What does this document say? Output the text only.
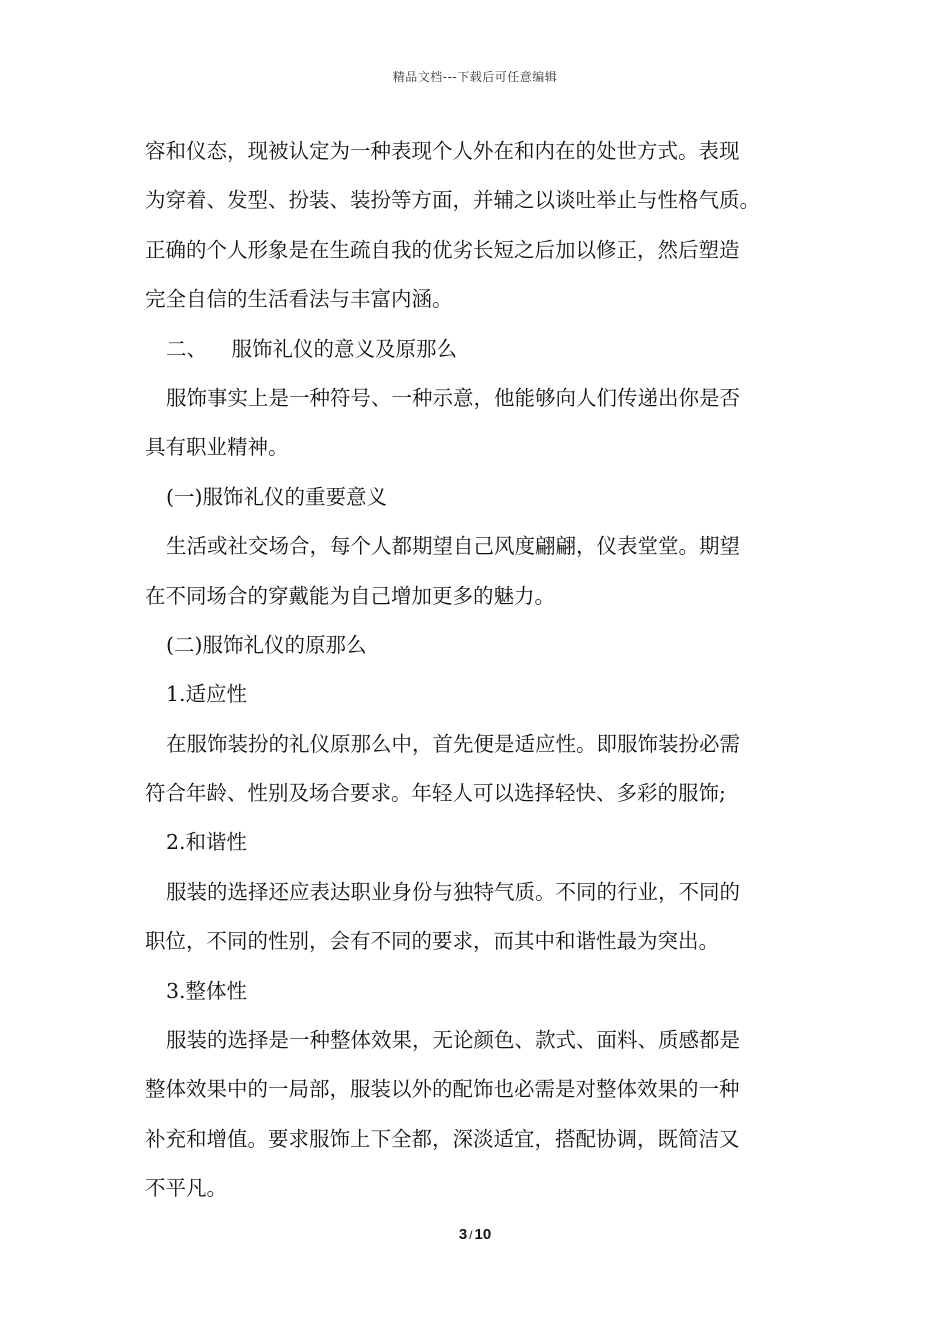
精品文档---下载后可任意编辑
容和仪态，现被认定为一种表现个人外在和内在的处世方式。表现
为穿着、发型、扮装、装扮等方面，并辅之以谈吐举止与性格气质。
正确的个人形象是在生疏自我的优劣长短之后加以修正，然后塑造
完全自信的生活看法与丰富内涵。
二、 服饰礼仪的意义及原那么
服饰事实上是一种符号、一种示意，他能够向人们传递出你是否
具有职业精神。
(一)服饰礼仪的重要意义
生活或社交场合，每个人都期望自己风度翩翩，仪表堂堂。期望
在不同场合的穿戴能为自己增加更多的魅力。
(二)服饰礼仪的原那么
1.适应性
在服饰装扮的礼仪原那么中，首先便是适应性。即服饰装扮必需
符合年龄、性别及场合要求。年轻人可以选择轻快、多彩的服饰;
2.和谐性
服装的选择还应表达职业身份与独特气质。不同的行业，不同的
职位，不同的性别，会有不同的要求，而其中和谐性最为突出。
3.整体性
服装的选择是一种整体效果，无论颜色、款式、面料、质感都是
整体效果中的一局部，服装以外的配饰也必需是对整体效果的一种
补充和增值。要求服饰上下全都，深淡适宜，搭配协调，既简洁又
不平凡。
3 / 10
